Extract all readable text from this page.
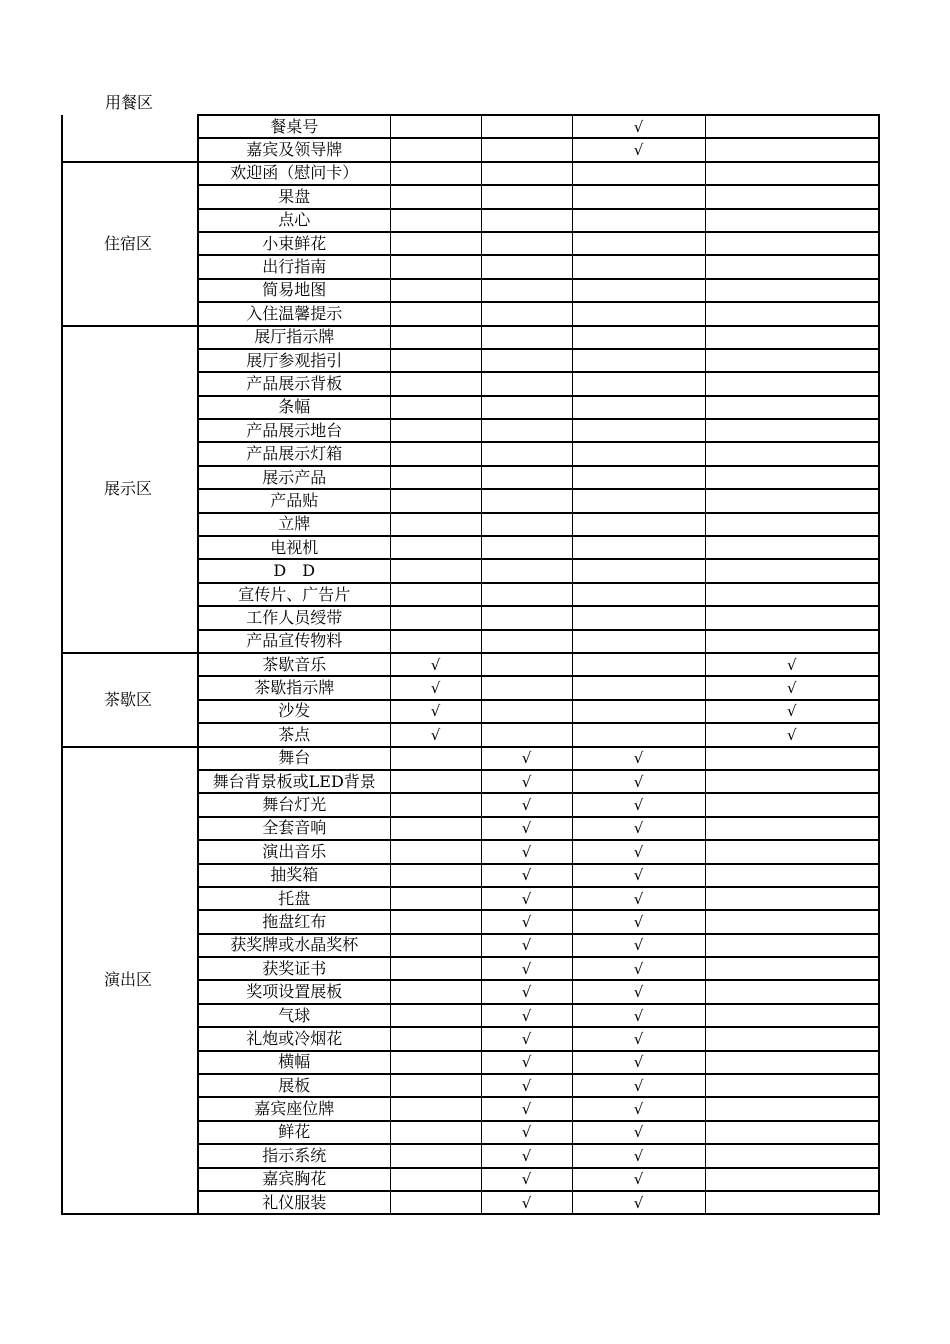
用餐区
	餐桌号			√	
	嘉宾及领导牌			√	
住宿区	欢迎函（慰问卡）				
	果盘				
	点心				
	小束鲜花				
	出行指南				
	简易地图				
	入住温馨提示				
展示区	展厅指示牌				
	展厅参观指引				
	产品展示背板				
	条幅				
	产品展示地台				
	产品展示灯箱				
	展示产品				
	产品贴				
	立牌				
	电视机				
	D　D				
	宣传片、广告片				
	工作人员绶带				
	产品宣传物料				
茶歇区	茶歇音乐	√			√
	茶歇指示牌	√			√
	沙发	√			√
	茶点	√			√
演出区	舞台		√	√	
	舞台背景板或LED背景		√	√	
	舞台灯光		√	√	
	全套音响		√	√	
	演出音乐		√	√	
	抽奖箱		√	√	
	托盘		√	√	
	拖盘红布		√	√	
	获奖牌或水晶奖杯		√	√	
	获奖证书		√	√	
	奖项设置展板		√	√	
	气球		√	√	
	礼炮或冷烟花		√	√	
	横幅		√	√	
	展板		√	√	
	嘉宾座位牌		√	√	
	鲜花		√	√	
	指示系统		√	√	
	嘉宾胸花		√	√	
	礼仪服装		√	√	
